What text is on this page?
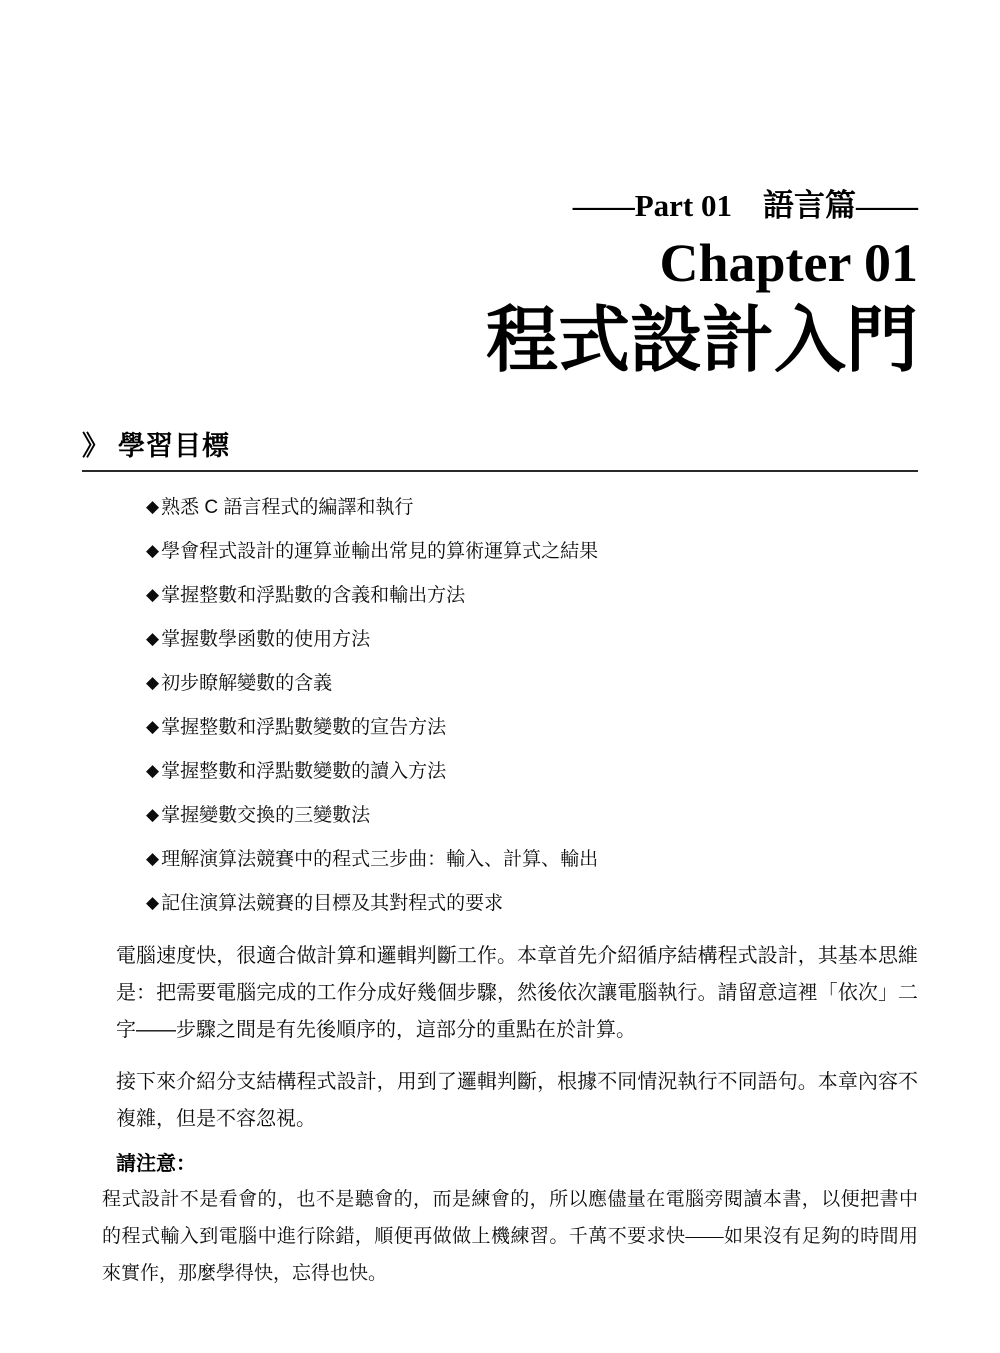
——Part 01　語言篇——
Chapter 01
程式設計入門
》 學習目標
◆ 熟悉 C 語言程式的編譯和執行
◆ 學會程式設計的運算並輸出常見的算術運算式之結果
◆ 掌握整數和浮點數的含義和輸出方法
◆ 掌握數學函數的使用方法
◆ 初步瞭解變數的含義
◆ 掌握整數和浮點數變數的宣告方法
◆ 掌握整數和浮點數變數的讀入方法
◆ 掌握變數交換的三變數法
◆ 理解演算法競賽中的程式三步曲：輸入、計算、輸出
◆ 記住演算法競賽的目標及其對程式的要求

電腦速度快，很適合做計算和邏輯判斷工作。本章首先介紹循序結構程式設計，其基本思維是：把需要電腦完成的工作分成好幾個步驟，然後依次讓電腦執行。請留意這裡「依次」二字——步驟之間是有先後順序的，這部分的重點在於計算。

接下來介紹分支結構程式設計，用到了邏輯判斷，根據不同情況執行不同語句。本章內容不複雜，但是不容忽視。

請注意：

程式設計不是看會的，也不是聽會的，而是練會的，所以應儘量在電腦旁閱讀本書，以便把書中的程式輸入到電腦中進行除錯，順便再做做上機練習。千萬不要求快——如果沒有足夠的時間用來實作，那麼學得快，忘得也快。
